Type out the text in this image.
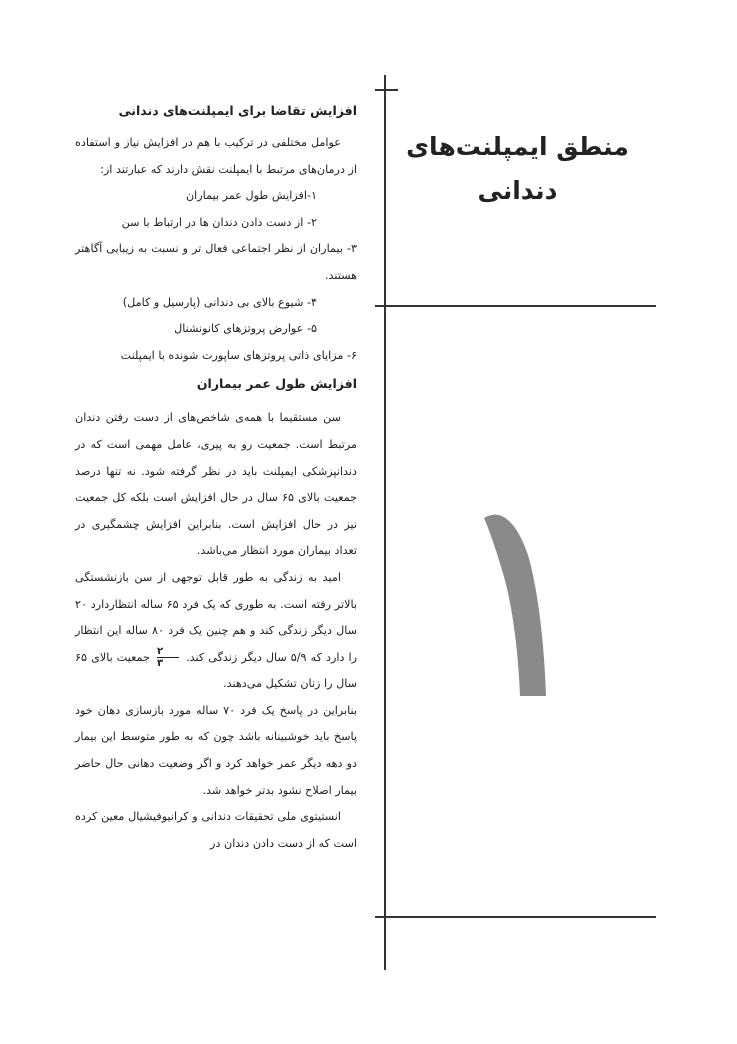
منطق ایمپلنت‌های
دندانی

افزایش تقاضا برای ایمپلنت‌های دندانی

عوامل مختلفی در ترکیب با هم در افزایش نیاز و استفاده از درمان‌های مرتبط با ایمپلنت نقش دارند که عبارتند از:

۱-افزایش طول عمر بیماران

۲- از دست دادن دندان ها در ارتباط با سن

۳- بیماران از نظر اجتماعی فعال تر و نسبت به زیبایی آگاهتر هستند.

۴- شیوع بالای بی دندانی (پارسیل و کامل)

۵- عوارض پروتزهای کانونشنال

۶- مزایای ذاتی پروتزهای ساپورت شونده با ایمپلنت

افزایش طول عمر بیماران

سن مستقیما با همه‌ی شاخص‌های از دست رفتن دندان مرتبط است. جمعیت رو به پیری، عامل مهمی است که در دندانپزشکی ایمپلنت باید در نظر گرفته شود. نه تنها درصد جمعیت بالای ۶۵ سال در حال افزایش است بلکه کل جمعیت نیز در حال افزایش است. بنابراین افزایش چشمگیری در تعداد بیماران مورد انتظار می‌باشد.

امید به زندگی به طور قابل توجهی از سن بازنشستگی بالاتر رفته است. به طوری که یک فرد ۶۵ ساله انتظاردارد ۲۰ سال دیگر زندگی کند و هم چنین یک فرد ۸۰ ساله این انتظار را دارد که ۵/۹ سال دیگر زندگی کند.
$\frac{۲}{۳}$
جمعیت بالای ۶۵ سال را زنان تشکیل می‌دهند.

بنابراین در پاسخ یک فرد ۷۰ ساله مورد بازسازی دهان خود پاسخ باید خوشبینانه باشد چون که به طور متوسط این بیمار دو دهه دیگر عمر خواهد کرد و اگر وضعیت دهانی حال حاضر بیمار اصلاح نشود بدتر خواهد شد.

انستیتوی ملی تحقیقات دندانی و کرانیوفیشیال معین کرده است که از دست دادن دندان در
